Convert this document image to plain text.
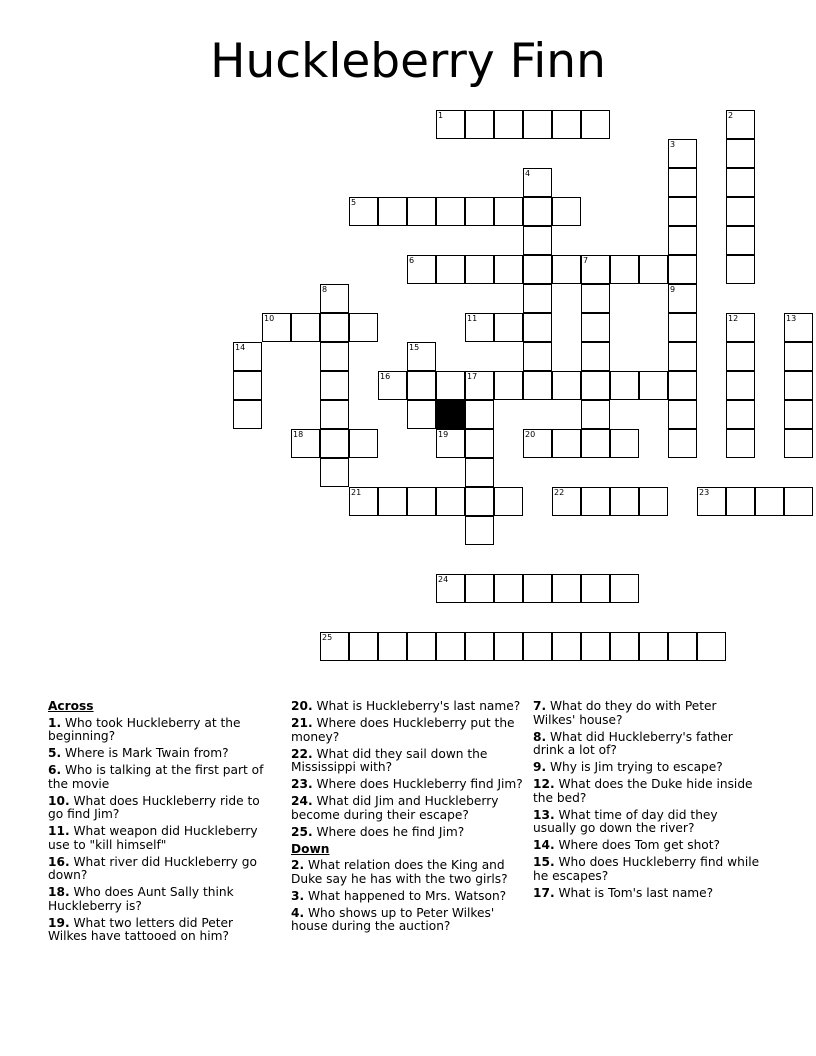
Huckleberry Finn
1	2
3
4
5
6	7
8	9
10	11	12	13
14	15
16	17
18	19	20
21	22	23
24
25
Across
1. Who took Huckleberry at the beginning?
5. Where is Mark Twain from?
6. Who is talking at the first part of the movie
10. What does Huckleberry ride to go find Jim?
11. What weapon did Huckleberry use to "kill himself"
16. What river did Huckleberry go down?
18. Who does Aunt Sally think Huckleberry is?
19. What two letters did Peter Wilkes have tattooed on him?
20. What is Huckleberry's last name?
21. Where does Huckleberry put the money?
22. What did they sail down the Mississippi with?
23. Where does Huckleberry find Jim?
24. What did Jim and Huckleberry become during their escape?
25. Where does he find Jim?
Down
2. What relation does the King and Duke say he has with the two girls?
3. What happened to Mrs. Watson?
4. Who shows up to Peter Wilkes' house during the auction?
7. What do they do with Peter Wilkes' house?
8. What did Huckleberry's father drink a lot of?
9. Why is Jim trying to escape?
12. What does the Duke hide inside the bed?
13. What time of day did they usually go down the river?
14. Where does Tom get shot?
15. Who does Huckleberry find while he escapes?
17. What is Tom's last name?
